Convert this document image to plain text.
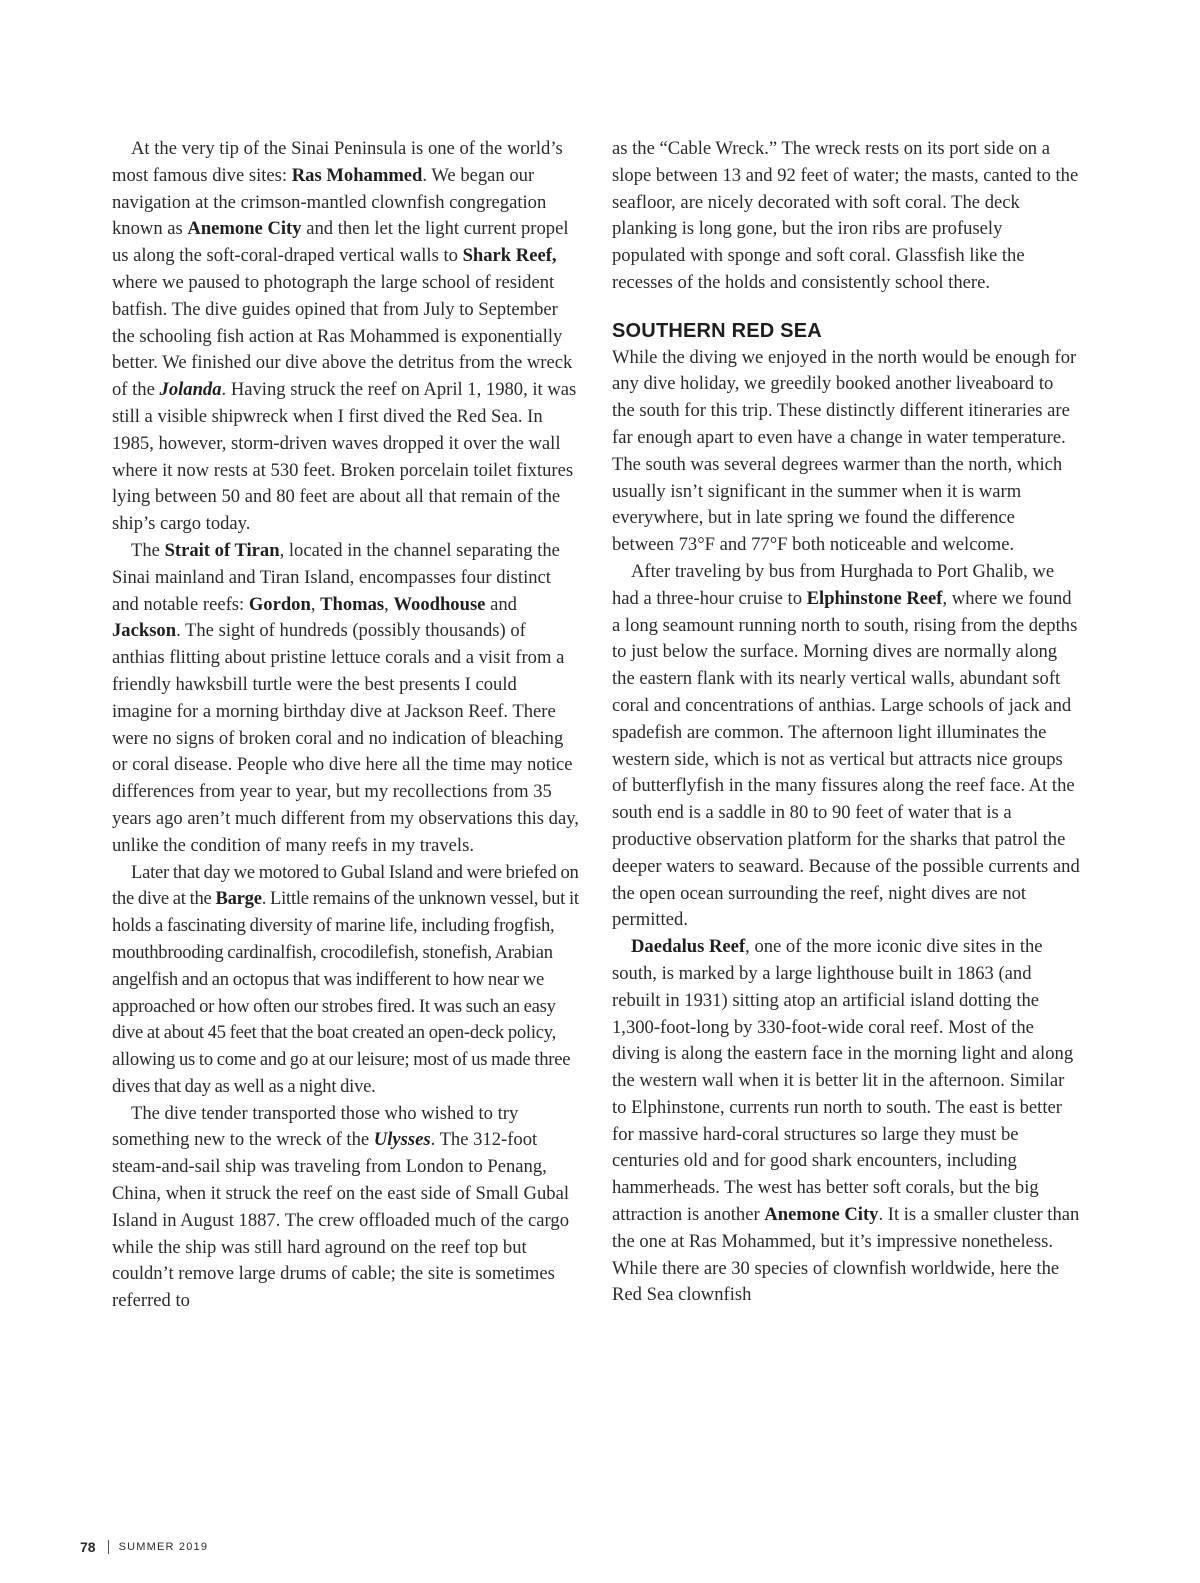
At the very tip of the Sinai Peninsula is one of the world’s most famous dive sites: Ras Mohammed. We began our navigation at the crimson-mantled clownfish congregation known as Anemone City and then let the light current propel us along the soft-coral-draped vertical walls to Shark Reef, where we paused to photograph the large school of resident batfish. The dive guides opined that from July to September the schooling fish action at Ras Mohammed is exponentially better. We finished our dive above the detritus from the wreck of the Jolanda. Having struck the reef on April 1, 1980, it was still a visible shipwreck when I first dived the Red Sea. In 1985, however, storm-driven waves dropped it over the wall where it now rests at 530 feet. Broken porcelain toilet fixtures lying between 50 and 80 feet are about all that remain of the ship’s cargo today.

The Strait of Tiran, located in the channel separating the Sinai mainland and Tiran Island, encompasses four distinct and notable reefs: Gordon, Thomas, Woodhouse and Jackson. The sight of hundreds (possibly thousands) of anthias flitting about pristine lettuce corals and a visit from a friendly hawksbill turtle were the best presents I could imagine for a morning birthday dive at Jackson Reef. There were no signs of broken coral and no indication of bleaching or coral disease. People who dive here all the time may notice differences from year to year, but my recollections from 35 years ago aren’t much different from my observations this day, unlike the condition of many reefs in my travels.

Later that day we motored to Gubal Island and were briefed on the dive at the Barge. Little remains of the unknown vessel, but it holds a fascinating diversity of marine life, including frogfish, mouthbrooding cardinalfish, crocodilefish, stonefish, Arabian angelfish and an octopus that was indifferent to how near we approached or how often our strobes fired. It was such an easy dive at about 45 feet that the boat created an open-deck policy, allowing us to come and go at our leisure; most of us made three dives that day as well as a night dive.

The dive tender transported those who wished to try something new to the wreck of the Ulysses. The 312-foot steam-and-sail ship was traveling from London to Penang, China, when it struck the reef on the east side of Small Gubal Island in August 1887. The crew offloaded much of the cargo while the ship was still hard aground on the reef top but couldn’t remove large drums of cable; the site is sometimes referred to

as the “Cable Wreck.” The wreck rests on its port side on a slope between 13 and 92 feet of water; the masts, canted to the seafloor, are nicely decorated with soft coral. The deck planking is long gone, but the iron ribs are profusely populated with sponge and soft coral. Glassfish like the recesses of the holds and consistently school there.

SOUTHERN RED SEA

While the diving we enjoyed in the north would be enough for any dive holiday, we greedily booked another liveaboard to the south for this trip. These distinctly different itineraries are far enough apart to even have a change in water temperature. The south was several degrees warmer than the north, which usually isn’t significant in the summer when it is warm everywhere, but in late spring we found the difference between 73°F and 77°F both noticeable and welcome.

After traveling by bus from Hurghada to Port Ghalib, we had a three-hour cruise to Elphinstone Reef, where we found a long seamount running north to south, rising from the depths to just below the surface. Morning dives are normally along the eastern flank with its nearly vertical walls, abundant soft coral and concentrations of anthias. Large schools of jack and spadefish are common. The afternoon light illuminates the western side, which is not as vertical but attracts nice groups of butterflyfish in the many fissures along the reef face. At the south end is a saddle in 80 to 90 feet of water that is a productive observation platform for the sharks that patrol the deeper waters to seaward. Because of the possible currents and the open ocean surrounding the reef, night dives are not permitted.

Daedalus Reef, one of the more iconic dive sites in the south, is marked by a large lighthouse built in 1863 (and rebuilt in 1931) sitting atop an artificial island dotting the 1,300-foot-long by 330-foot-wide coral reef. Most of the diving is along the eastern face in the morning light and along the western wall when it is better lit in the afternoon. Similar to Elphinstone, currents run north to south. The east is better for massive hard-coral structures so large they must be centuries old and for good shark encounters, including hammerheads. The west has better soft corals, but the big attraction is another Anemone City. It is a smaller cluster than the one at Ras Mohammed, but it’s impressive nonetheless. While there are 30 species of clownfish worldwide, here the Red Sea clownfish

78 SUMMER 2019
